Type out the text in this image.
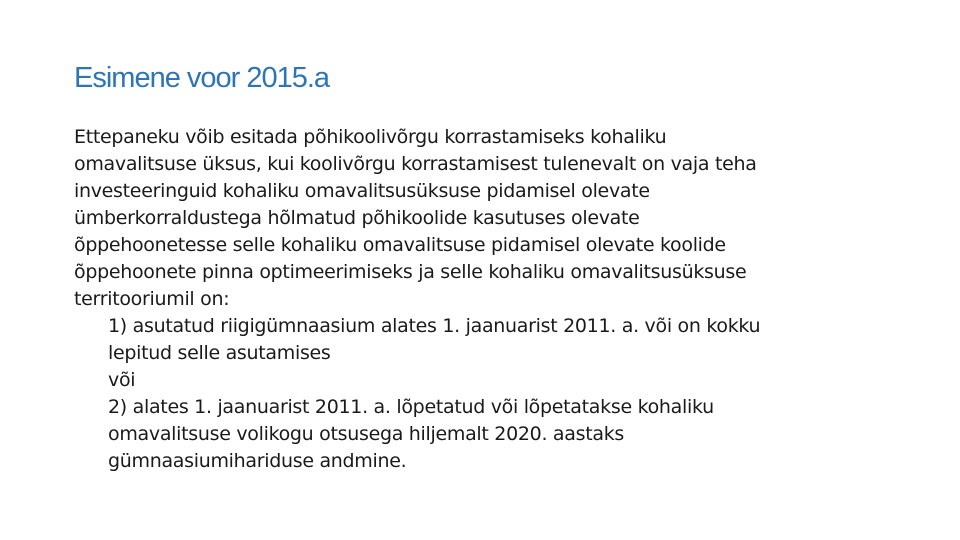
Esimene voor 2015.a

Ettepaneku võib esitada põhikoolivõrgu korrastamiseks kohaliku
omavalitsuse üksus, kui koolivõrgu korrastamisest tulenevalt on vaja teha
investeeringuid kohaliku omavalitsusüksuse pidamisel olevate
ümberkorraldustega hõlmatud põhikoolide kasutuses olevate
õppehoonetesse selle kohaliku omavalitsuse pidamisel olevate koolide
õppehoonete pinna optimeerimiseks ja selle kohaliku omavalitsusüksuse
territooriumil on:

1) asutatud riigigümnaasium alates 1. jaanuarist 2011. a. või on kokku
lepitud selle asutamises
või
2) alates 1. jaanuarist 2011. a. lõpetatud või lõpetatakse kohaliku
omavalitsuse volikogu otsusega hiljemalt 2020. aastaks
gümnaasiumihariduse andmine.
